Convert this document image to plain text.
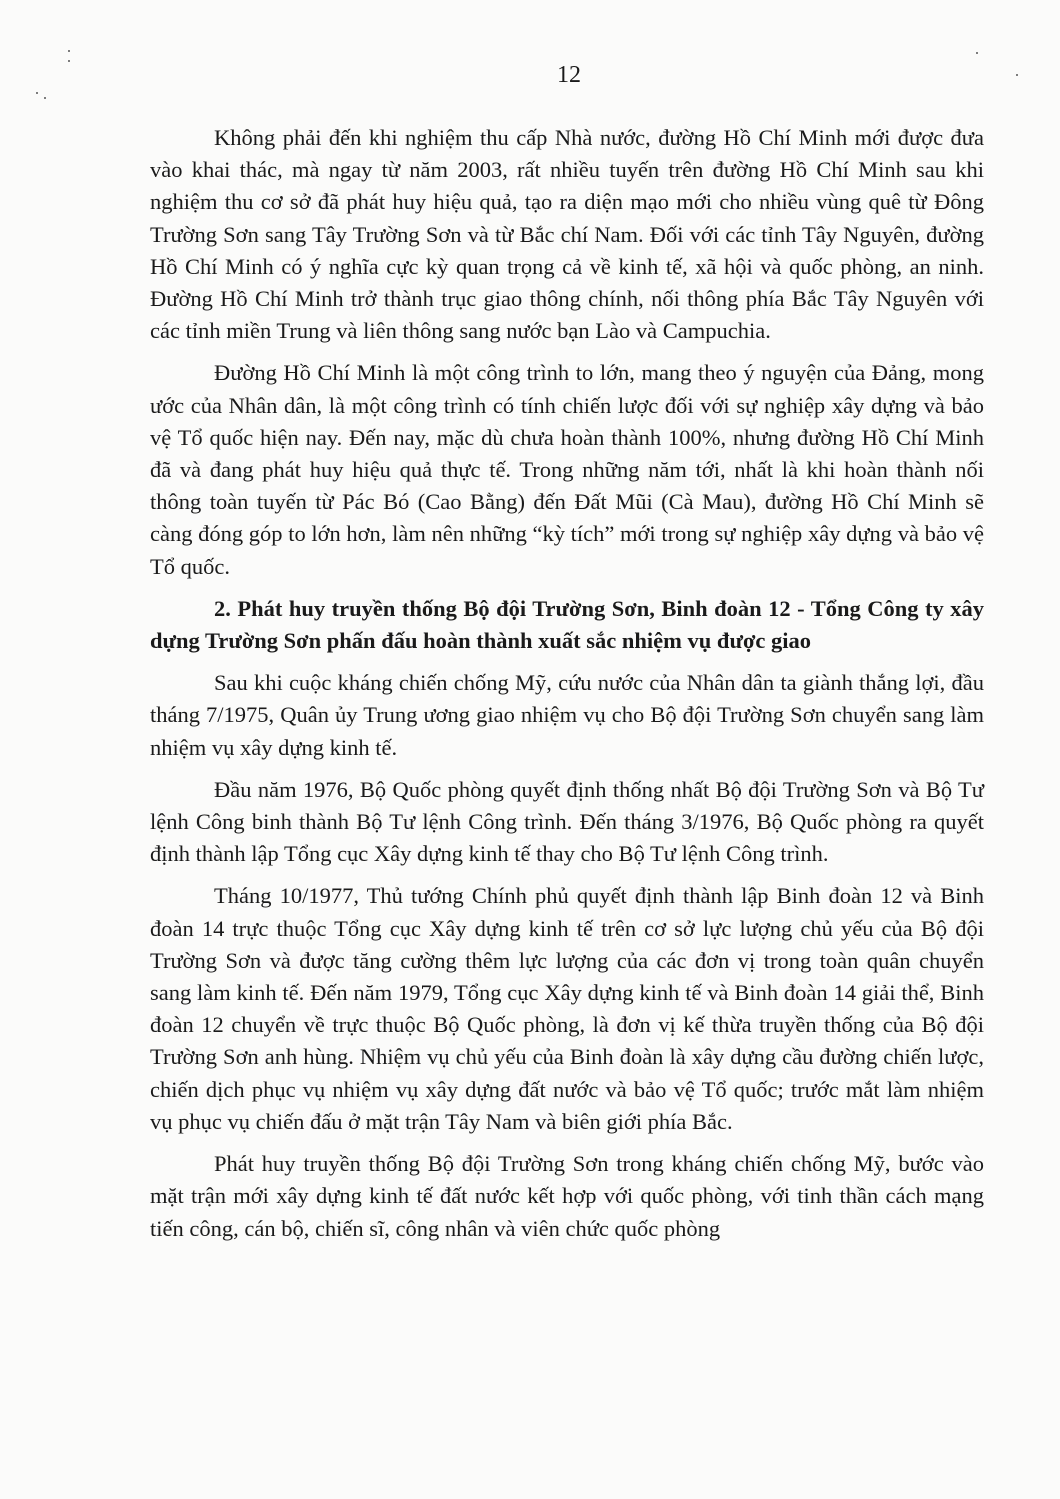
12

Không phải đến khi nghiệm thu cấp Nhà nước, đường Hồ Chí Minh mới được đưa vào khai thác, mà ngay từ năm 2003, rất nhiều tuyến trên đường Hồ Chí Minh sau khi nghiệm thu cơ sở đã phát huy hiệu quả, tạo ra diện mạo mới cho nhiều vùng quê từ Đông Trường Sơn sang Tây Trường Sơn và từ Bắc chí Nam. Đối với các tỉnh Tây Nguyên, đường Hồ Chí Minh có ý nghĩa cực kỳ quan trọng cả về kinh tế, xã hội và quốc phòng, an ninh. Đường Hồ Chí Minh trở thành trục giao thông chính, nối thông phía Bắc Tây Nguyên với các tỉnh miền Trung và liên thông sang nước bạn Lào và Campuchia.

Đường Hồ Chí Minh là một công trình to lớn, mang theo ý nguyện của Đảng, mong ước của Nhân dân, là một công trình có tính chiến lược đối với sự nghiệp xây dựng và bảo vệ Tổ quốc hiện nay. Đến nay, mặc dù chưa hoàn thành 100%, nhưng đường Hồ Chí Minh đã và đang phát huy hiệu quả thực tế. Trong những năm tới, nhất là khi hoàn thành nối thông toàn tuyến từ Pác Bó (Cao Bằng) đến Đất Mũi (Cà Mau), đường Hồ Chí Minh sẽ càng đóng góp to lớn hơn, làm nên những “kỳ tích” mới trong sự nghiệp xây dựng và bảo vệ Tổ quốc.

2. Phát huy truyền thống Bộ đội Trường Sơn, Binh đoàn 12 - Tổng Công ty xây dựng Trường Sơn phấn đấu hoàn thành xuất sắc nhiệm vụ được giao

Sau khi cuộc kháng chiến chống Mỹ, cứu nước của Nhân dân ta giành thắng lợi, đầu tháng 7/1975, Quân ủy Trung ương giao nhiệm vụ cho Bộ đội Trường Sơn chuyển sang làm nhiệm vụ xây dựng kinh tế.

Đầu năm 1976, Bộ Quốc phòng quyết định thống nhất Bộ đội Trường Sơn và Bộ Tư lệnh Công binh thành Bộ Tư lệnh Công trình. Đến tháng 3/1976, Bộ Quốc phòng ra quyết định thành lập Tổng cục Xây dựng kinh tế thay cho Bộ Tư lệnh Công trình.

Tháng 10/1977, Thủ tướng Chính phủ quyết định thành lập Binh đoàn 12 và Binh đoàn 14 trực thuộc Tổng cục Xây dựng kinh tế trên cơ sở lực lượng chủ yếu của Bộ đội Trường Sơn và được tăng cường thêm lực lượng của các đơn vị trong toàn quân chuyển sang làm kinh tế. Đến năm 1979, Tổng cục Xây dựng kinh tế và Binh đoàn 14 giải thể, Binh đoàn 12 chuyển về trực thuộc Bộ Quốc phòng, là đơn vị kế thừa truyền thống của Bộ đội Trường Sơn anh hùng. Nhiệm vụ chủ yếu của Binh đoàn là xây dựng cầu đường chiến lược, chiến dịch phục vụ nhiệm vụ xây dựng đất nước và bảo vệ Tổ quốc; trước mắt làm nhiệm vụ phục vụ chiến đấu ở mặt trận Tây Nam và biên giới phía Bắc.

Phát huy truyền thống Bộ đội Trường Sơn trong kháng chiến chống Mỹ, bước vào mặt trận mới xây dựng kinh tế đất nước kết hợp với quốc phòng, với tinh thần cách mạng tiến công, cán bộ, chiến sĩ, công nhân và viên chức quốc phòng
